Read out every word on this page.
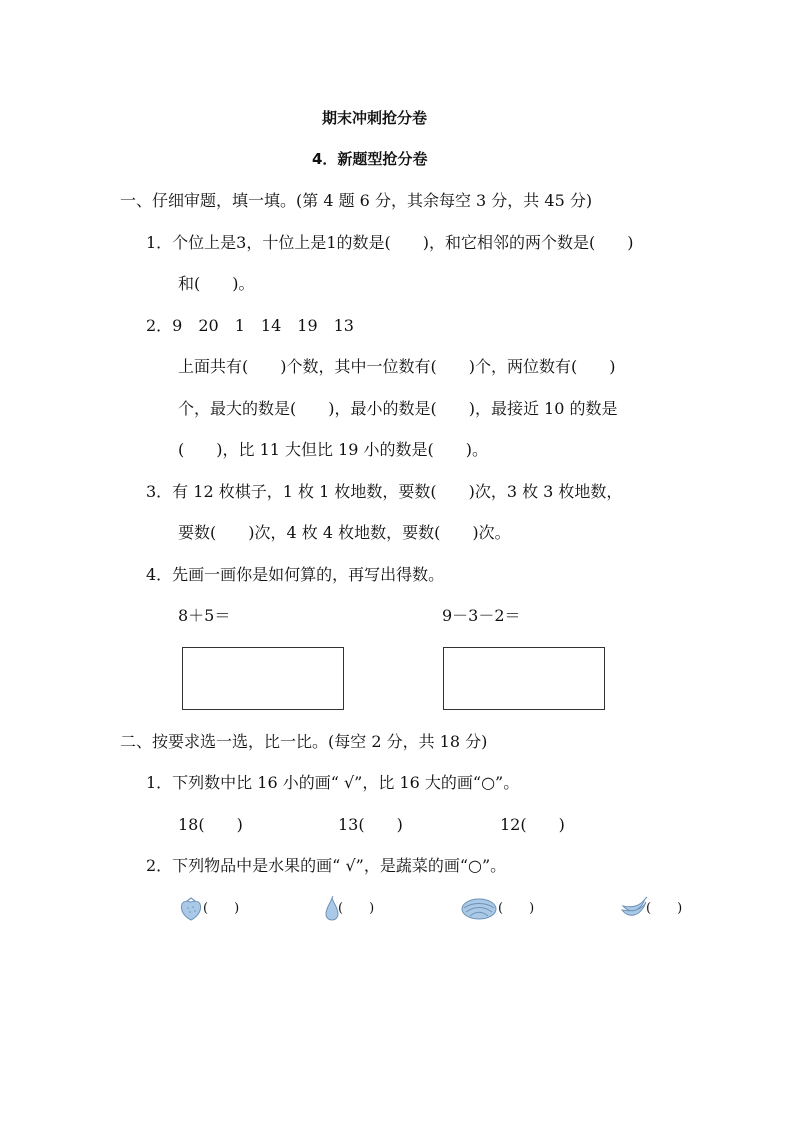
期末冲刺抢分卷
4．新题型抢分卷
一、仔细审题，填一填。(第 4 题 6 分，其余每空 3 分，共 45 分)
1．个位上是3，十位上是1的数是(　　)，和它相邻的两个数是(　　)
和(　　)。
2．9　20　1　14　19　13
上面共有(　　)个数，其中一位数有(　　)个，两位数有(　　)
个，最大的数是(　　)，最小的数是(　　)，最接近 10 的数是
(　　)，比 11 大但比 19 小的数是(　　)。
3．有 12 枚棋子，1 枚 1 枚地数，要数(　　)次，3 枚 3 枚地数，
要数(　　)次，4 枚 4 枚地数，要数(　　)次。
4．先画一画你是如何算的，再写出得数。
8＋5＝	9－3－2＝
二、按要求选一选，比一比。(每空 2 分，共 18 分)
1．下列数中比 16 小的画“ √”，比 16 大的画“○”。
18(　　)	13(　　)	12(　　)
2．下列物品中是水果的画“ √”，是蔬菜的画“○”。
(　　)	(　　)	(　　)	(　　)
